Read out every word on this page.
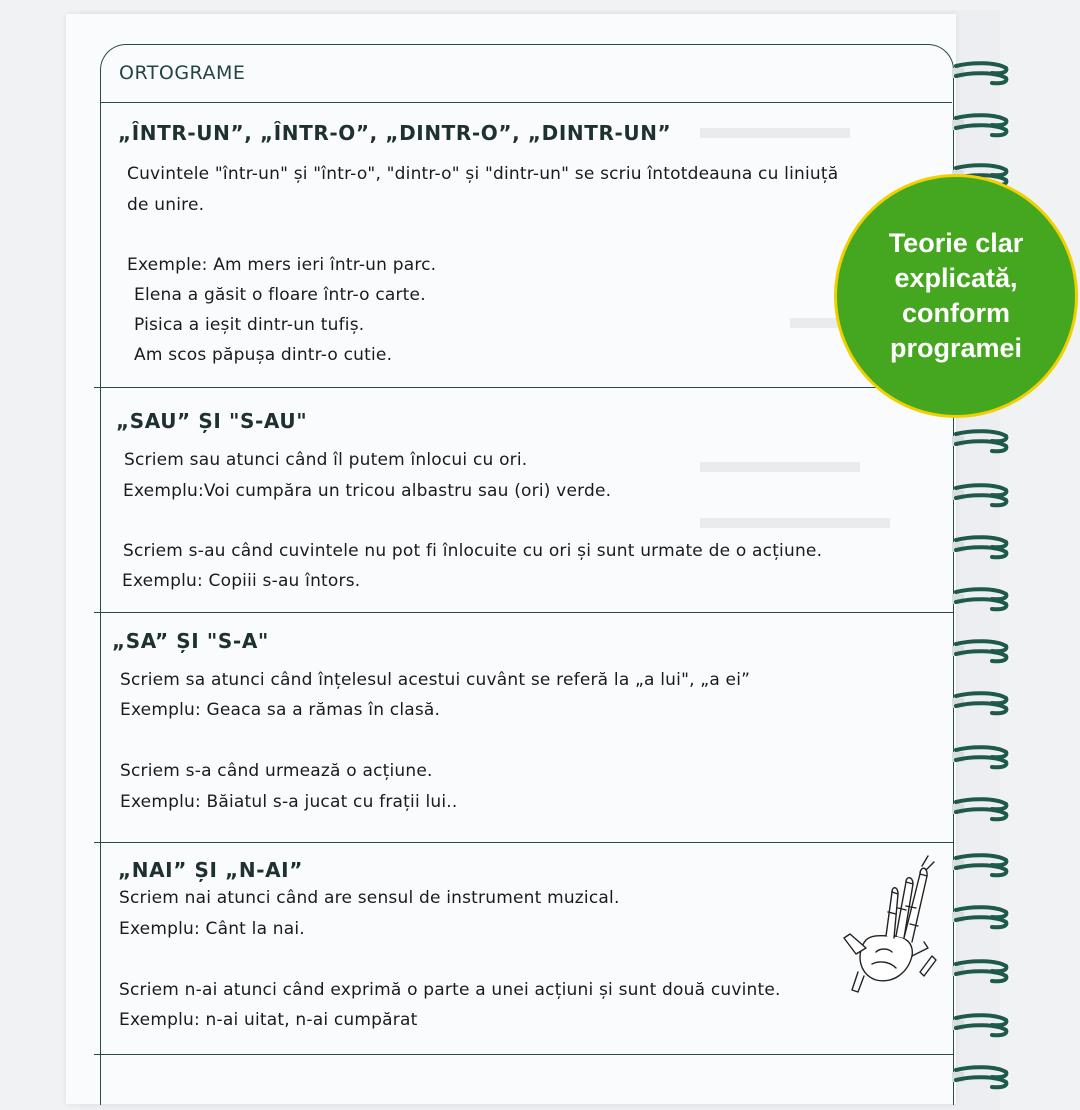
ORTOGRAME
„ÎNTR-UN”, „ÎNTR-O”, „DINTR-O”, „DINTR-UN”
Cuvintele "într-un" și "într-o", "dintr-o" și "dintr-un" se scriu întotdeauna cu liniuță
de unire.
Exemple: Am mers ieri într-un parc.
Elena a găsit o floare într-o carte.
Pisica a ieșit dintr-un tufiș.
Am scos păpușa dintr-o cutie.
„SAU” ȘI "S-AU"
Scriem sau atunci când îl putem înlocui cu ori.
Exemplu:Voi cumpăra un tricou albastru sau (ori) verde.
Scriem s-au când cuvintele nu pot fi înlocuite cu ori și sunt urmate de o acțiune.
Exemplu: Copiii s-au întors.
„SA” ȘI "S-A"
Scriem sa atunci când înțelesul acestui cuvânt se referă la „a lui", „a ei”
Exemplu: Geaca sa a rămas în clasă.
Scriem s-a când urmează o acțiune.
Exemplu: Băiatul s-a jucat cu frații lui..
„NAI” ȘI „N-AI”
Scriem nai atunci când are sensul de instrument muzical.
Exemplu: Cânt la nai.
Scriem n-ai atunci când exprimă o parte a unei acțiuni și sunt două cuvinte.
Exemplu: n-ai uitat, n-ai cumpărat
Teorie clar
explicată,
conform
programei
